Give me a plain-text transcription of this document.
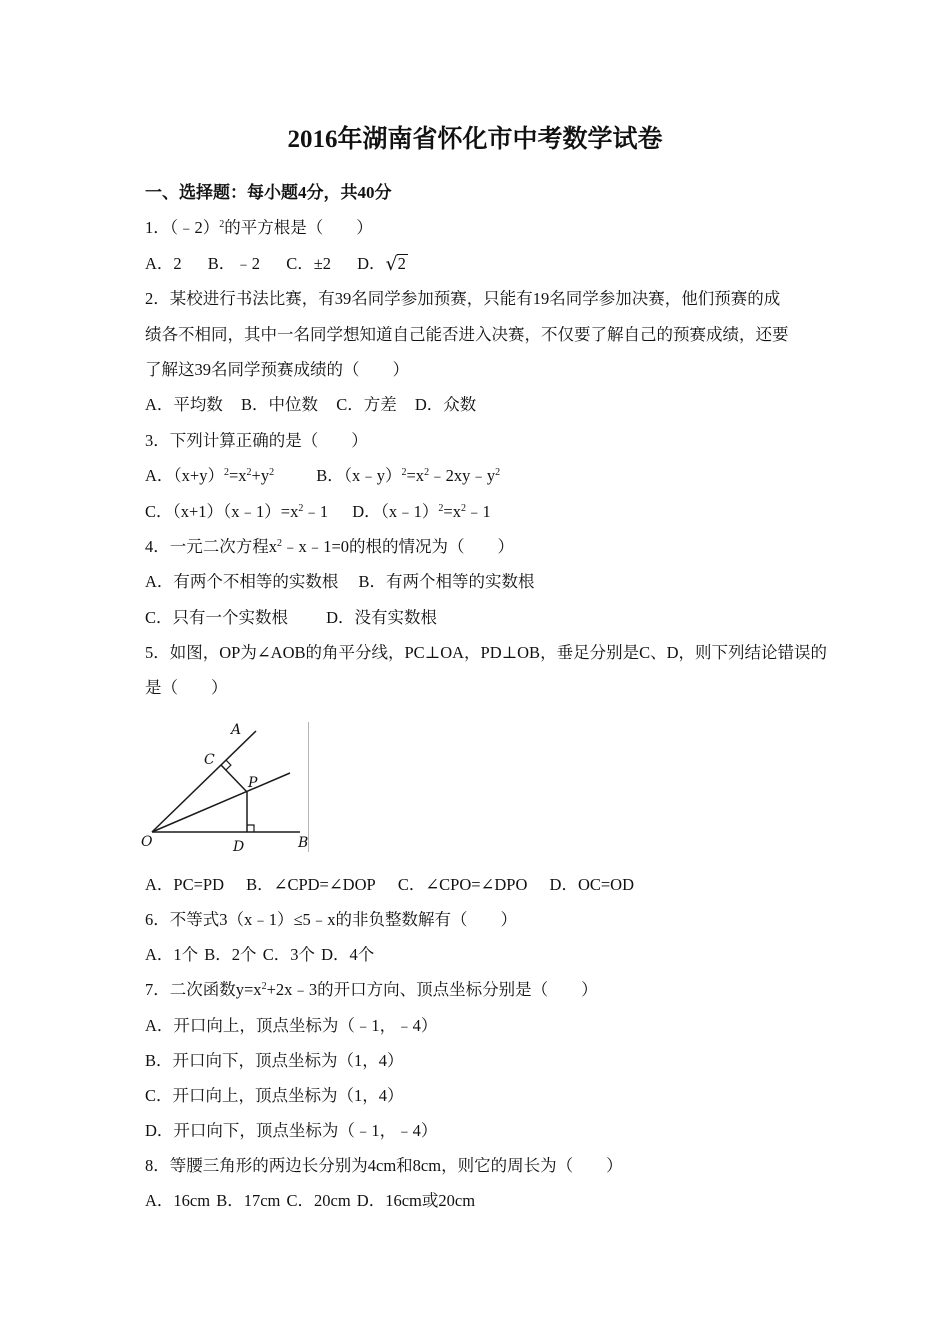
2016年湖南省怀化市中考数学试卷
一、选择题：每小题4分，共40分
1．（﹣2）$^2$的平方根是（　　）
A．2 B．﹣2 C．±2 D．√2
2．某校进行书法比赛，有39名同学参加预赛，只能有19名同学参加决赛，他们预赛的成
绩各不相同，其中一名同学想知道自己能否进入决赛，不仅要了解自己的预赛成绩，还要
了解这39名同学预赛成绩的（　　）
A．平均数 B．中位数 C．方差 D．众数
3．下列计算正确的是（　　）
A．$(x+y)^2=x^2+y^2$	B．$(x﹣y)^2=x^2﹣2xy﹣y^2$
C．$(x+1)(x﹣1)=x^2﹣1$ D．$(x﹣1)^2=x^2﹣1$
4．一元二次方程$x^2﹣x﹣1=0$的根的情况为（　　）
A．有两个不相等的实数根 B．有两个相等的实数根
C．只有一个实数根 D．没有实数根
5．如图，OP为∠AOB的角平分线，PC⊥OA，PD⊥OB，垂足分别是C、D，则下列结论错误的
是（　　）
A
C
P
O	D	B
A．PC=PD B．∠CPD=∠DOP C．∠CPO=∠DPO D．OC=OD
6．不等式3（x﹣1）≤5﹣x的非负整数解有（　　）
A．1个 B．2个 C．3个 D．4个
7．二次函数$y=x^2+2x﹣3$的开口方向、顶点坐标分别是（　　）
A．开口向上，顶点坐标为（﹣1，﹣4）
B．开口向下，顶点坐标为（1，4）
C．开口向上，顶点坐标为（1，4）
D．开口向下，顶点坐标为（﹣1，﹣4）
8．等腰三角形的两边长分别为4cm和8cm，则它的周长为（　　）
A．16cm B．17cm C．20cm D．16cm或20cm
